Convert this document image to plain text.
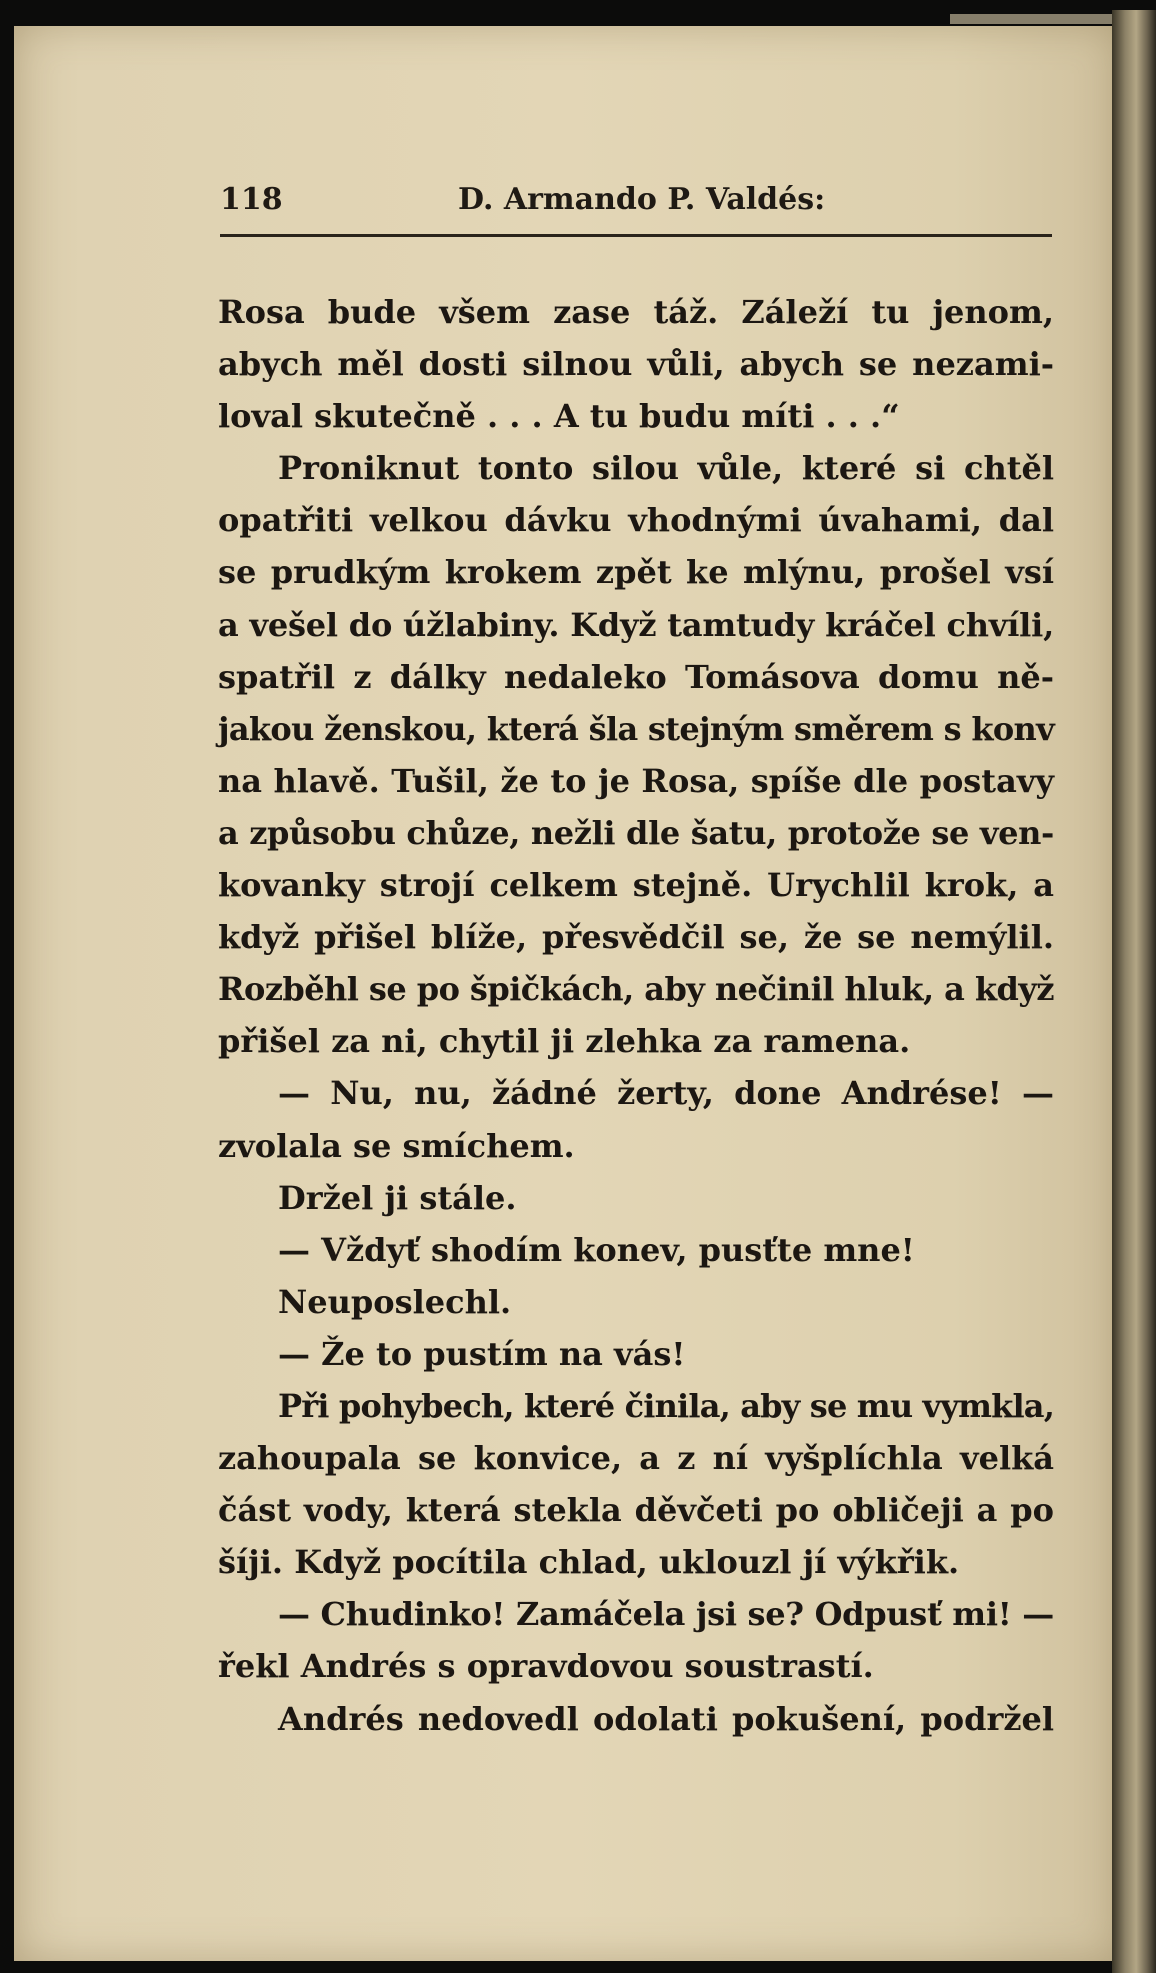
118	D. Armando P. Valdés:
Rosa bude všem zase táž. Záleží tu jenom,
abych měl dosti silnou vůli, abych se nezami-
loval skutečně . . . A tu budu míti . . .“
Proniknut tonto silou vůle, které si chtěl
opatřiti velkou dávku vhodnými úvahami, dal
se prudkým krokem zpět ke mlýnu, prošel vsí
a vešel do úžlabiny. Když tamtudy kráčel chvíli,
spatřil z dálky nedaleko Tomásova domu ně-
jakou ženskou, která šla stejným směrem s konv
na hlavě. Tušil, že to je Rosa, spíše dle postavy
a způsobu chůze, nežli dle šatu, protože se ven-
kovanky strojí celkem stejně. Urychlil krok, a
když přišel blíže, přesvědčil se, že se nemýlil.
Rozběhl se po špičkách, aby nečinil hluk, a když
přišel za ni, chytil ji zlehka za ramena.
— Nu, nu, žádné žerty, done Andrése! —
zvolala se smíchem.
Držel ji stále.
— Vždyť shodím konev, pusťte mne!
Neuposlechl.
— Že to pustím na vás!
Při pohybech, které činila, aby se mu vymkla,
zahoupala se konvice, a z ní vyšplíchla velká
část vody, která stekla děvčeti po obličeji a po
šíji. Když pocítila chlad, uklouzl jí výkřik.
— Chudinko! Zamáčela jsi se? Odpusť mi! —
řekl Andrés s opravdovou soustrastí.
Andrés nedovedl odolati pokušení, podržel
